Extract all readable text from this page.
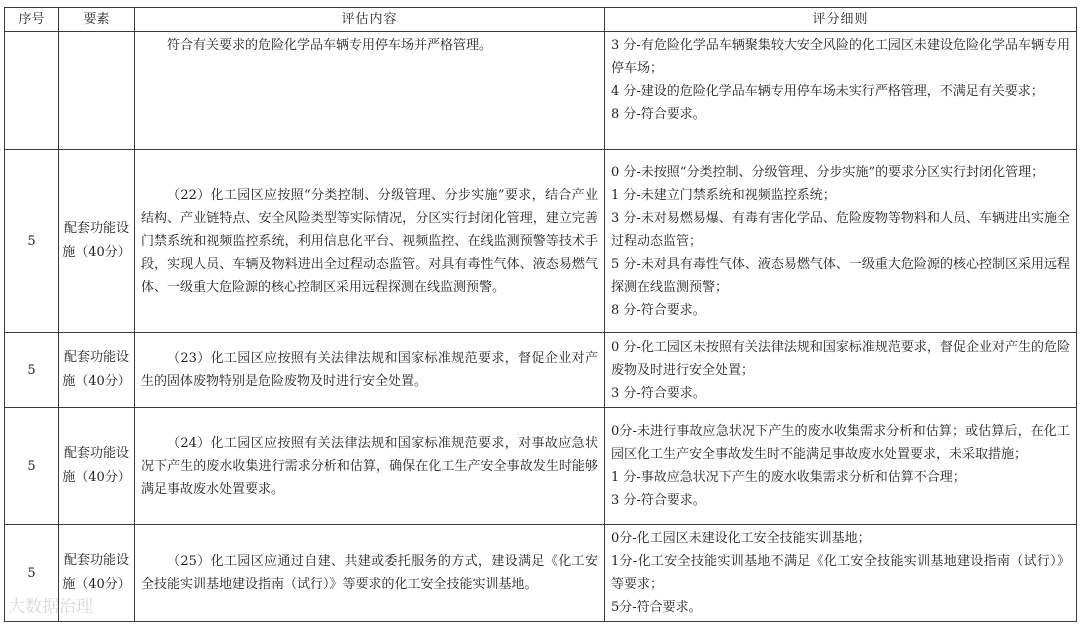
序号	要素	评估内容	评分细则

		符合有关要求的危险化学品车辆专用停车场并严格管理。	3 分-有危险化学品车辆聚集较大安全风险的化工园区未建设危险化学品车辆专用停车场；
4 分-建设的危险化学品车辆专用停车场未实行严格管理，不满足有关要求；
8 分-符合要求。

5	配套功能设施（40分）	（22）化工园区应按照“分类控制、分级管理、分步实施”要求，结合产业结构、产业链特点、安全风险类型等实际情况，分区实行封闭化管理，建立完善门禁系统和视频监控系统，利用信息化平台、视频监控、在线监测预警等技术手段，实现人员、车辆及物料进出全过程动态监管。对具有毒性气体、液态易燃气体、一级重大危险源的核心控制区采用远程探测在线监测预警。	0 分-未按照“分类控制、分级管理、分步实施”的要求分区实行封闭化管理；
1 分-未建立门禁系统和视频监控系统；
3 分-未对易燃易爆、有毒有害化学品、危险废物等物料和人员、车辆进出实施全过程动态监管；
5 分-未对具有毒性气体、液态易燃气体、一级重大危险源的核心控制区采用远程探测在线监测预警；
8 分-符合要求。

5	配套功能设施（40分）	（23）化工园区应按照有关法律法规和国家标准规范要求，督促企业对产生的固体废物特别是危险废物及时进行安全处置。	0 分-化工园区未按照有关法律法规和国家标准规范要求，督促企业对产生的危险废物及时进行安全处置；
3 分-符合要求。

5	配套功能设施（40分）	（24）化工园区应按照有关法律法规和国家标准规范要求，对事故应急状况下产生的废水收集进行需求分析和估算，确保在化工生产安全事故发生时能够满足事故废水处置要求。	0分-未进行事故应急状况下产生的废水收集需求分析和估算；或估算后，在化工园区化工生产安全事故发生时不能满足事故废水处置要求，未采取措施；
1 分-事故应急状况下产生的废水收集需求分析和估算不合理；
3 分-符合要求。

5	配套功能设施（40分）	（25）化工园区应通过自建、共建或委托服务的方式，建设满足《化工安全技能实训基地建设指南（试行）》等要求的化工安全技能实训基地。	0分-化工园区未建设化工安全技能实训基地；
1分-化工安全技能实训基地不满足《化工安全技能实训基地建设指南（试行）》等要求；
5分-符合要求。
大数据治理
